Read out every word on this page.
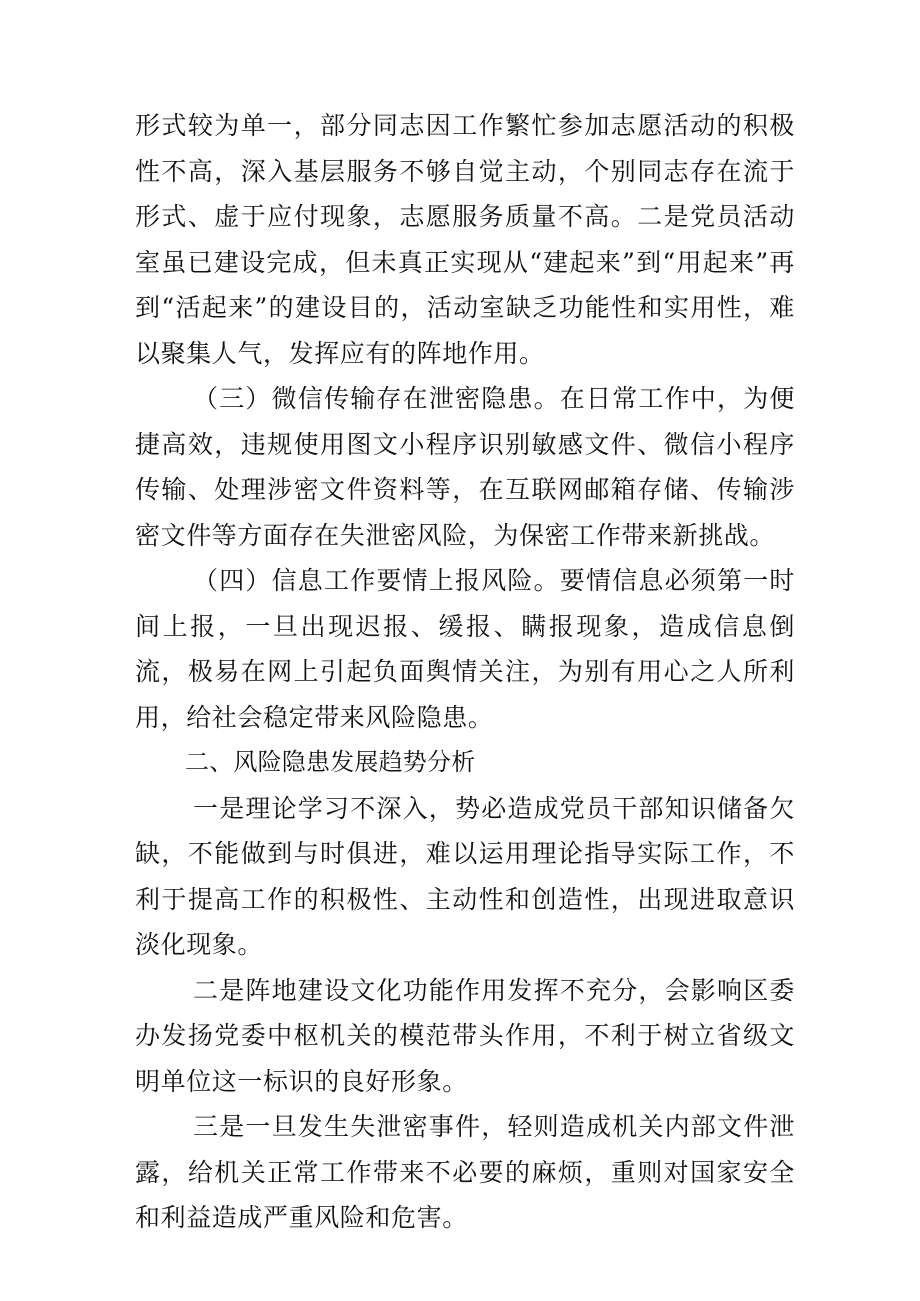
形式较为单一，部分同志因工作繁忙参加志愿活动的积极性不高，深入基层服务不够自觉主动，个别同志存在流于形式、虚于应付现象，志愿服务质量不高。二是党员活动室虽已建设完成，但未真正实现从“建起来”到“用起来”再到“活起来”的建设目的，活动室缺乏功能性和实用性，难以聚集人气，发挥应有的阵地作用。

（三）微信传输存在泄密隐患。在日常工作中，为便捷高效，违规使用图文小程序识别敏感文件、微信小程序传输、处理涉密文件资料等，在互联网邮箱存储、传输涉密文件等方面存在失泄密风险，为保密工作带来新挑战。

（四）信息工作要情上报风险。要情信息必须第一时间上报，一旦出现迟报、缓报、瞒报现象，造成信息倒流，极易在网上引起负面舆情关注，为别有用心之人所利用，给社会稳定带来风险隐患。

二、风险隐患发展趋势分析

一是理论学习不深入，势必造成党员干部知识储备欠缺，不能做到与时俱进，难以运用理论指导实际工作，不利于提高工作的积极性、主动性和创造性，出现进取意识淡化现象。

二是阵地建设文化功能作用发挥不充分，会影响区委办发扬党委中枢机关的模范带头作用，不利于树立省级文明单位这一标识的良好形象。

三是一旦发生失泄密事件，轻则造成机关内部文件泄露，给机关正常工作带来不必要的麻烦，重则对国家安全和利益造成严重风险和危害。
